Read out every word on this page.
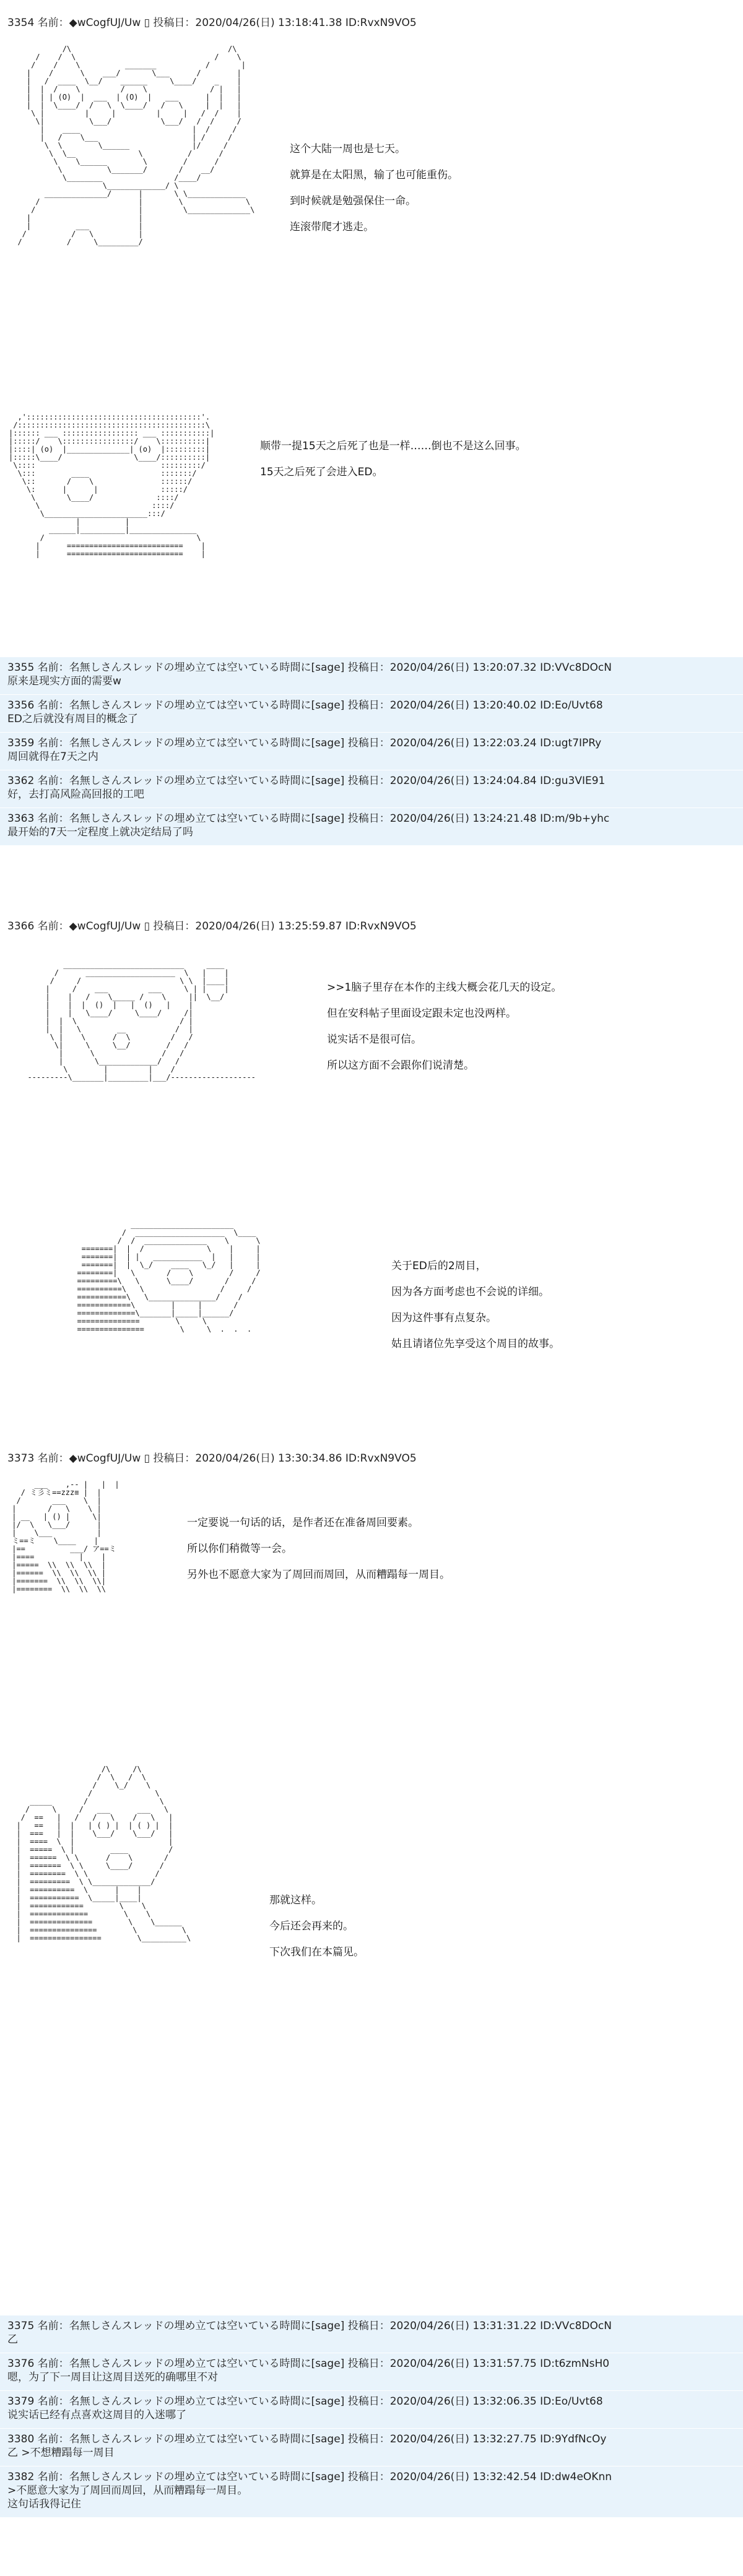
3354 名前：◆wCogfUJ/Uw ▯ 投稿日：2020/04/26(日) 13:18:41.38 ID:RvxN9VO5

/\                                   /\
/    /  \                               /    \
/    /    \          _______           /       |
|    /      \    ___/       \___      /        |
|   /  ____  \__/    ______     \____/    _    |
|  |  /    \         /    \              / |   |
|  | | (O)  |  ___  | (O)  |   ___      |  |   |
|  |  \____/  /   \  \____/   /   \     |  |   |
\ |         |     |         |     |   /  /    |
\|          \___/           \___/   /  /     /
|    ____                         |  /     /
|   /    \___                     | /     /
\  \        \______              |/     /
\  \__              \          /      /
\    \______        \        /      /
\          \_______/       /    __/
\________                /____/
\_____________/ \
______________/      |       \ \_____________
/                      |        \              \
/                       |         \______________\
|                        |
|          ___           |
/          /   \          |
/          /     \_________/

这个大陆一周也是七天。
就算是在太阳黑，输了也可能重伤。
到时候就是勉强保住一命。
连滚带爬才逃走。

,':::::::::::::::::::::::::::::::::::::::'.
/::::::::::::::::::::::::::::::::::::::::::\
|:::::: ___ ::::::::::::::::: ___ :::::::::::|
|:::::/    \::::::::::::::::/    \::::::::::|
|::::| (o)  |______________| (o)  |:::::::::|
|:::::\____/                \____/::::::::::|
\::::                            :::::::::/
\:::        ____                :::::::/
\::       /    \               ::::::/
\:      |      |              :::::/
\       \____/              ::::/
\                         ::::/
\_______________________:::/
|          |
______|__________|_______________
/                                  \
|      ==========================    |
|      ==========================    |

顺带一提15天之后死了也是一样……倒也不是这么回事。
15天之后死了会进入ED。
3355 名前：名無しさんスレッドの埋め立ては空いている時間に[sage] 投稿日：2020/04/26(日) 13:20:07.32 ID:VVc8DOcN
原来是现实方面的需要w
3356 名前：名無しさんスレッドの埋め立ては空いている時間に[sage] 投稿日：2020/04/26(日) 13:20:40.02 ID:Eo/Uvt68
ED之后就没有周目的概念了
3359 名前：名無しさんスレッドの埋め立ては空いている時間に[sage] 投稿日：2020/04/26(日) 13:22:03.24 ID:ugt7IPRy
周回就得在7天之内
3362 名前：名無しさんスレッドの埋め立ては空いている時間に[sage] 投稿日：2020/04/26(日) 13:24:04.84 ID:gu3VIE91
好，去打高风险高回报的工吧
3363 名前：名無しさんスレッドの埋め立ては空いている時間に[sage] 投稿日：2020/04/26(日) 13:24:21.48 ID:m/9b+yhc
最开始的7天一定程度上就决定结局了吗
3366 名前：◆wCogfUJ/Uw ▯ 投稿日：2020/04/26(日) 13:25:59.87 ID:RvxN9VO5

___________________________     ____
/      ____________________  \   |    |
/     /                      \ \  |____|
|     /    ___         ___     \ | |    |
|    |   /    \_____ /    \     ||  \__/
|    |  |  ()  |   |  ()   |    |
|    |   \____/     \____/     /|
|  |  \                       / |
|  |   \        __           /  |
\ |    \      /  \         /   /
\|     \     \__/        /   /
|      \               /   /
|       \_____________/   /
\        |         |    /
---------\_______|_________|___/-------------------

>>1脑子里存在本作的主线大概会花几天的设定。
但在安科帖子里面设定跟未定也没两样。
说实话不是很可信。
所以这方面不会跟你们说清楚。

_______________________
/  ____________________  \____
/  /  ______________    \      \
=======|  |  /              \    |     |
=======|  | |   ___________  |   |     |
=======|  |  \_/    ____   \_/   |     |
========|   \       /    \        /     /
=========\   \      \____/       /     /
==========\   \                 /     /
===========\   \_______________/    /
============\        |     |       /
=============\_______|_____|______/
==============        \     \
===============        \     \  .  .  .

关于ED后的2周目，
因为各方面考虑也不会说的详细。
因为这件事有点复杂。
姑且请诸位先享受这个周目的故事。
3373 名前：◆wCogfUJ/Uw ▯ 投稿日：2020/04/26(日) 13:30:34.86 ID:RvxN9VO5

___    ,-- |   |  |
/ ミ彡ミ==zzz≡ |  |
/       ___    \  |
|       /   \    \ |
| __   | () |     \|
|/  \   \___/      |
|    \___          |
ミ==ミ    \____    |
|==          ___/ ア==ミ
|====          |    |
|=====  \\  \\  \\  |
|======  \\  \\  \\ |
|=======  \\  \\  \\|
|========  \\  \\  \\

一定要说一句话的话，是作者还在准备周回要素。
所以你们稍微等一会。
另外也不愿意大家为了周回而周回，从而糟蹋每一周目。

/\     /\
/  \   /  \
/    \_/    \
/              \
_____       /                \
/     \     /   ___      ___   \
/  ==   |   /   /   \    /   \   |
|   ==   |  |   | ( ) |  | ( ) |  |
|  ===   |  |    \___/    \___/   |
|  ====  \  |                     |
|  =====  \ |        ____         /
|  ======  \ \      /    \       /
|  =======  \ \     \____/      /
|  ========  \ \               /
|  =========  \ \_____________/
|  ==========  \      |    |
|  ===========  \_____|____|
|  ============        \    \
|  =============        \    \
|  ==============        \    \______
|  ===============        \          \
|  ================        \__________\

那就这样。
今后还会再来的。
下次我们在本篇见。
3375 名前：名無しさんスレッドの埋め立ては空いている時間に[sage] 投稿日：2020/04/26(日) 13:31:31.22 ID:VVc8DOcN
乙
3376 名前：名無しさんスレッドの埋め立ては空いている時間に[sage] 投稿日：2020/04/26(日) 13:31:57.75 ID:t6zmNsH0
嗯，为了下一周目让这周目送死的确哪里不对
3379 名前：名無しさんスレッドの埋め立ては空いている時間に[sage] 投稿日：2020/04/26(日) 13:32:06.35 ID:Eo/Uvt68
说实话已经有点喜欢这周目的入迷哪了
3380 名前：名無しさんスレッドの埋め立ては空いている時間に[sage] 投稿日：2020/04/26(日) 13:32:27.75 ID:9YdfNcOy
乙 >不想糟蹋每一周目
3382 名前：名無しさんスレッドの埋め立ては空いている時間に[sage] 投稿日：2020/04/26(日) 13:32:42.54 ID:dw4eOKnn
>不愿意大家为了周回而周回，从而糟蹋每一周目。
这句话我得记住
